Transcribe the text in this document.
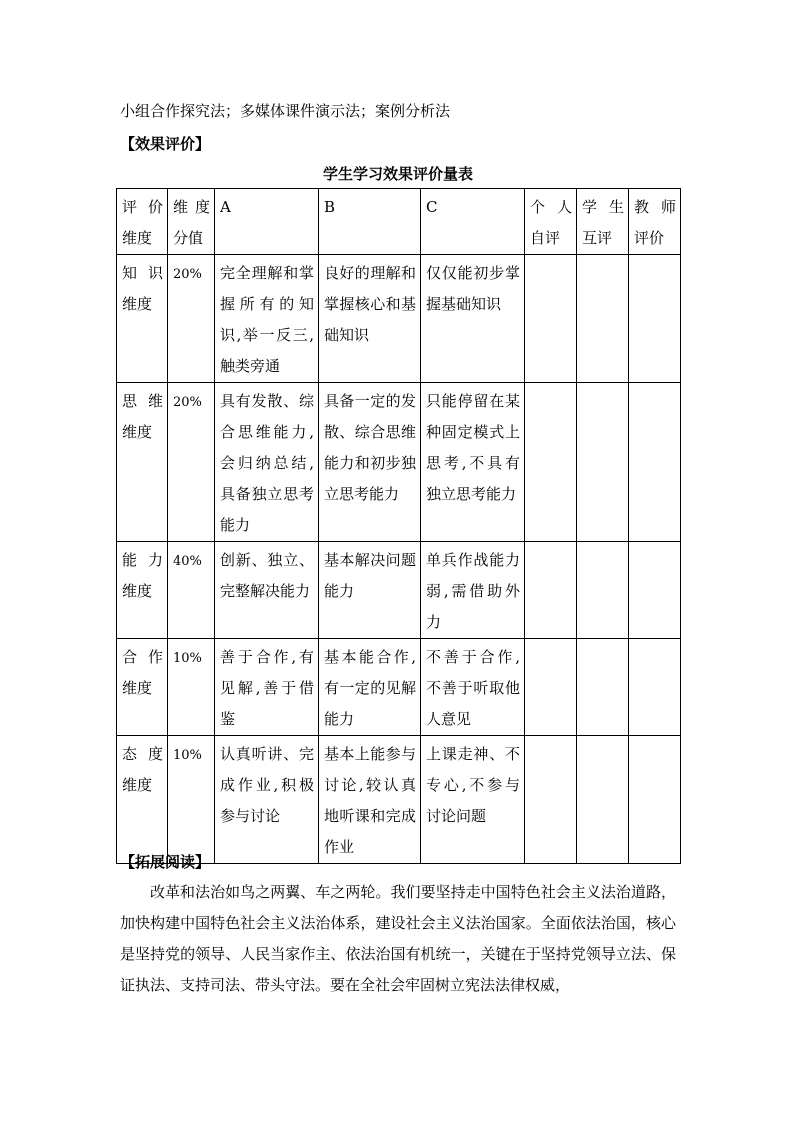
小组合作探究法；多媒体课件演示法；案例分析法
【效果评价】
学生学习效果评价量表
评价维度	维度分值	A	B	C	个人自评	学生互评	教师评价
知识维度	20%	完全理解和掌握所有的知识,举一反三,触类旁通	良好的理解和掌握核心和基础知识	仅仅能初步掌握基础知识			
思维维度	20%	具有发散、综合思维能力,会归纳总结,具备独立思考能力	具备一定的发散、综合思维能力和初步独立思考能力	只能停留在某种固定模式上思考,不具有独立思考能力			
能力维度	40%	创新、独立、完整解决能力	基本解决问题能力	单兵作战能力弱,需借助外力			
合作维度	10%	善于合作,有见解,善于借鉴	基本能合作,有一定的见解能力	不善于合作,不善于听取他人意见			
态度维度	10%	认真听讲、完成作业,积极参与讨论	基本上能参与讨论,较认真地听课和完成作业	上课走神、不专心,不参与讨论问题			
【拓展阅读】
改革和法治如鸟之两翼、车之两轮。我们要坚持走中国特色社会主义法治道路，加快构建中国特色社会主义法治体系，建设社会主义法治国家。全面依法治国，核心是坚持党的领导、人民当家作主、依法治国有机统一，关键在于坚持党领导立法、保证执法、支持司法、带头守法。要在全社会牢固树立宪法法律权威，
